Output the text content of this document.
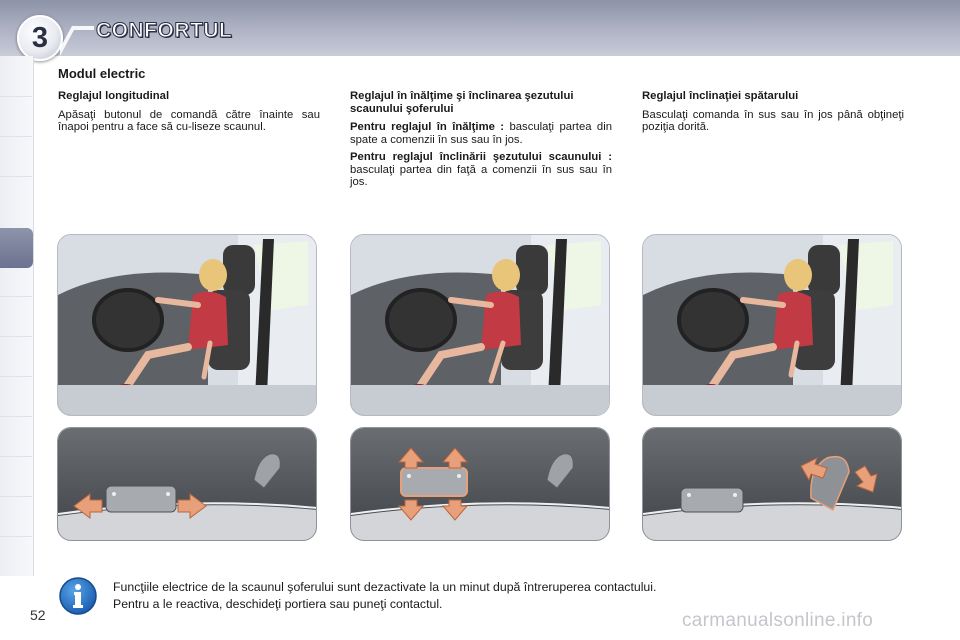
3	CONFORTUL
Modul electric
Reglajul longitudinal

Apăsaţi butonul de comandă către înainte sau înapoi pentru a face să cu-liseze scaunul.

Reglajul în înălţime şi înclinarea şezutului scaunului şoferului

Pentru reglajul în înălţime : basculaţi partea din spate a comenzii în sus sau în jos.

Pentru reglajul înclinării şezutului scaunului : basculaţi partea din faţă a comenzii în sus sau în jos.

Reglajul înclinaţiei spătarului

Basculaţi comanda în sus sau în jos până obţineţi poziţia dorită.

Funcţiile electrice de la scaunul şoferului sunt dezactivate la un minut după întreruperea contactului.
Pentru a le reactiva, deschideţi portiera sau puneţi contactul.
52	carmanualsonline.info
